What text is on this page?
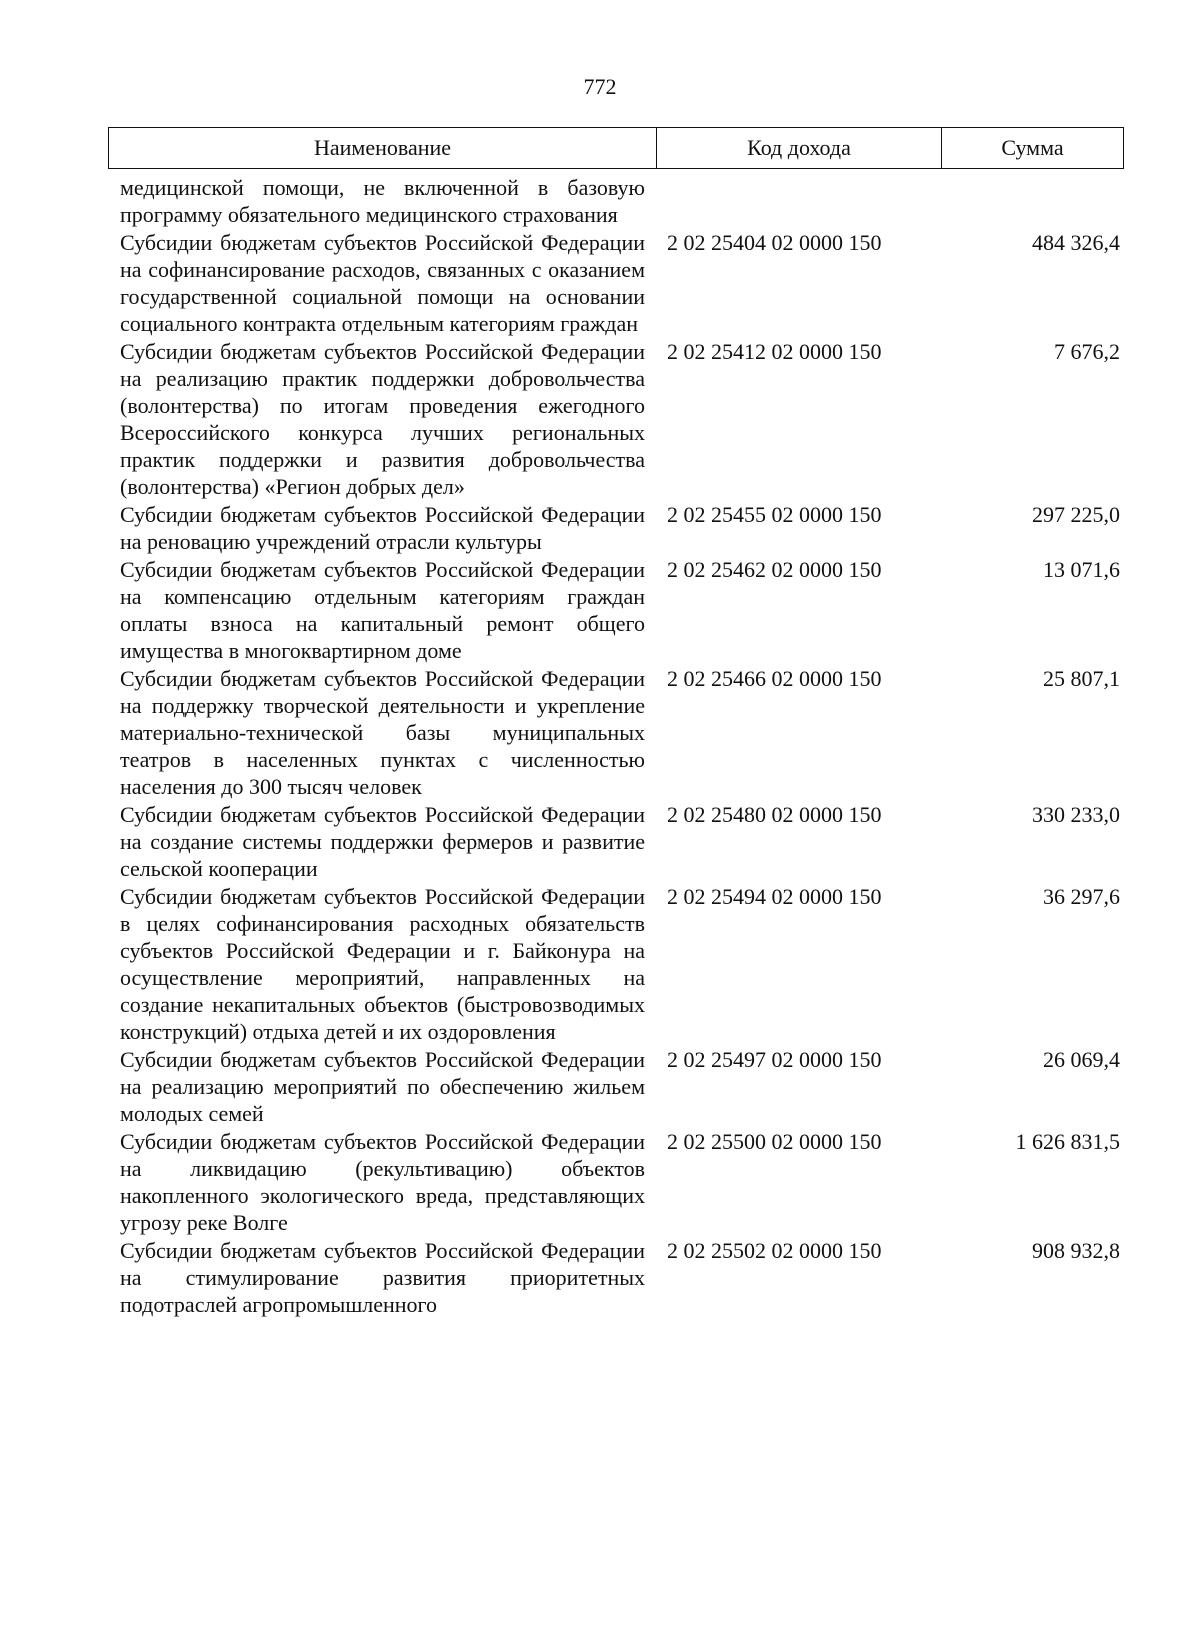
772
Наименование	Код дохода	Сумма
медицинской помощи, не включенной в базовую программу обязательного медицинского страхования
Субсидии бюджетам субъектов Российской Федерации на софинансирование расходов, связанных с оказанием государственной социальной помощи на основании социального контракта отдельным категориям граждан
2 02 25404 02 0000 150	484 326,4
Субсидии бюджетам субъектов Российской Федерации на реализацию практик поддержки добровольчества (волонтерства) по итогам проведения ежегодного Всероссийского конкурса лучших региональных практик поддержки и развития добровольчества (волонтерства) «Регион добрых дел»
2 02 25412 02 0000 150	7 676,2
Субсидии бюджетам субъектов Российской Федерации на реновацию учреждений отрасли культуры
2 02 25455 02 0000 150	297 225,0
Субсидии бюджетам субъектов Российской Федерации на компенсацию отдельным категориям граждан оплаты взноса на капитальный ремонт общего имущества в многоквартирном доме
2 02 25462 02 0000 150	13 071,6
Субсидии бюджетам субъектов Российской Федерации на поддержку творческой деятельности и укрепление материально-технической базы муниципальных театров в населенных пунктах с численностью населения до 300 тысяч человек
2 02 25466 02 0000 150	25 807,1
Субсидии бюджетам субъектов Российской Федерации на создание системы поддержки фермеров и развитие сельской кооперации
2 02 25480 02 0000 150	330 233,0
Субсидии бюджетам субъектов Российской Федерации в целях софинансирования расходных обязательств субъектов Российской Федерации и г. Байконура на осуществление мероприятий, направленных на создание некапитальных объектов (быстровозводимых конструкций) отдыха детей и их оздоровления
2 02 25494 02 0000 150	36 297,6
Субсидии бюджетам субъектов Российской Федерации на реализацию мероприятий по обеспечению жильем молодых семей
2 02 25497 02 0000 150	26 069,4
Субсидии бюджетам субъектов Российской Федерации на ликвидацию (рекультивацию) объектов накопленного экологического вреда, представляющих угрозу реке Волге
2 02 25500 02 0000 150	1 626 831,5
Субсидии бюджетам субъектов Российской Федерации на стимулирование развития приоритетных подотраслей агропромышленного
2 02 25502 02 0000 150	908 932,8
